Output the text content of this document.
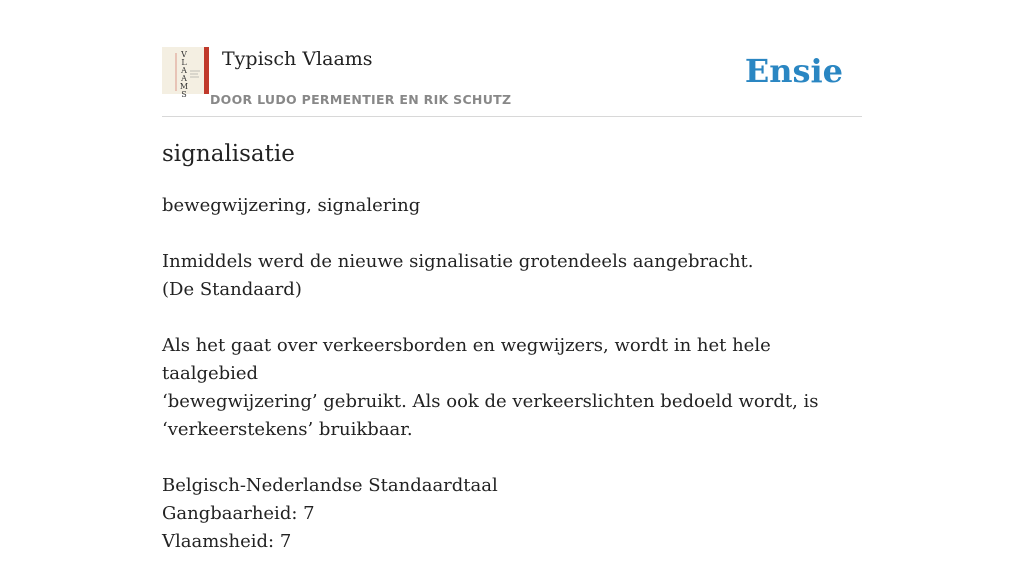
V
L
A
A
M
S
Typisch Vlaams
DOOR LUDO PERMENTIER EN RIK SCHUTZ
Ensie
signalisatie

bewegwijzering, signalering

Inmiddels werd de nieuwe signalisatie grotendeels aangebracht.
(De Standaard)

Als het gaat over verkeersborden en wegwijzers, wordt in het hele taalgebied
‘bewegwijzering’ gebruikt. Als ook de verkeerslichten bedoeld wordt, is
‘verkeerstekens’ bruikbaar.

Belgisch-Nederlandse Standaardtaal
Gangbaarheid: 7
Vlaamsheid: 7
